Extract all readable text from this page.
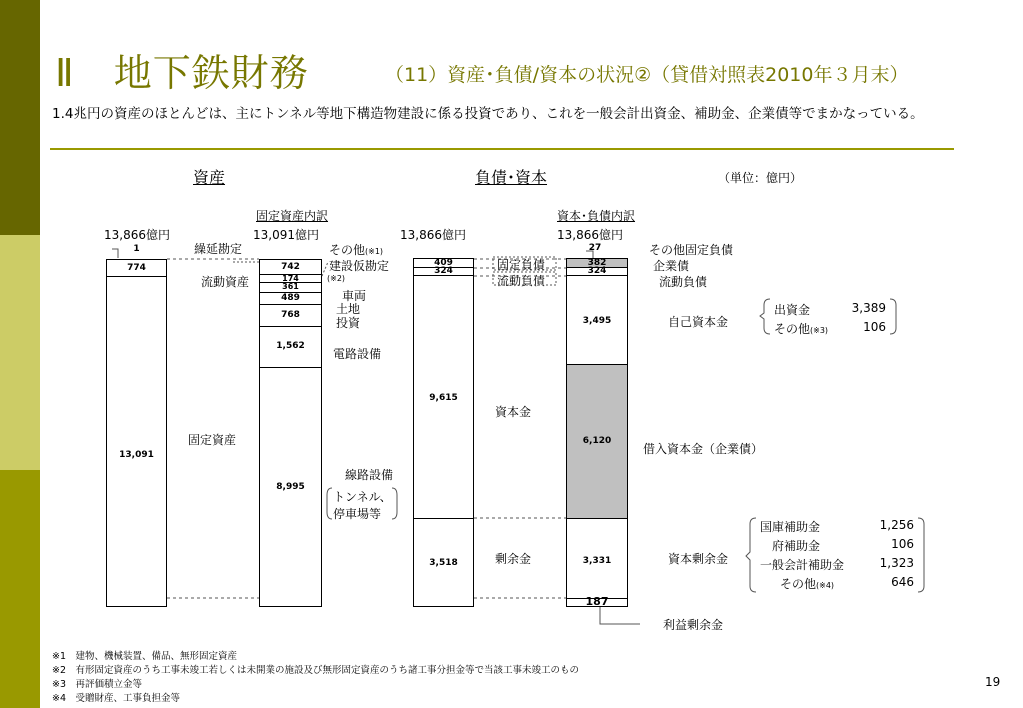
Ⅱ　地下鉄財務	（11）資産･負債/資本の状況②（貸借対照表2010年３月末）
1.4兆円の資産のほとんどは、主にトンネル等地下構造物建設に係る投資であり、これを一般会計出資金、補助金、企業債等でまかなっている。
資産	負債･資本	（単位：億円）
固定資産内訳	資本･負債内訳
13,866億円	13,091億円	13,866億円	13,866億円
1
774
13,091
繰延勘定
流動資産
固定資産
742
174
361
489
768
1,562
8,995
その他(※1)
建設仮勘定
(※2)
車両
土地
投資
電路設備
線路設備
トンネル、
停車場等
409
324
9,615
3,518
固定負債
流動負債
資本金
剰余金
27
382
324
3,495
6,120
3,331
187
その他固定負債
企業債
流動負債
自己資本金
借入資本金（企業債）
資本剰余金
利益剰余金
出資金	3,389
その他(※3)	106
国庫補助金	1,256
府補助金	106
一般会計補助金	1,323
その他(※4)	646
※1　建物、機械装置、備品、無形固定資産
※2　有形固定資産のうち工事未竣工若しくは未開業の施設及び無形固定資産のうち諸工事分担金等で当該工事未竣工のもの
※3　再評価積立金等
※4　受贈財産、工事負担金等
19
